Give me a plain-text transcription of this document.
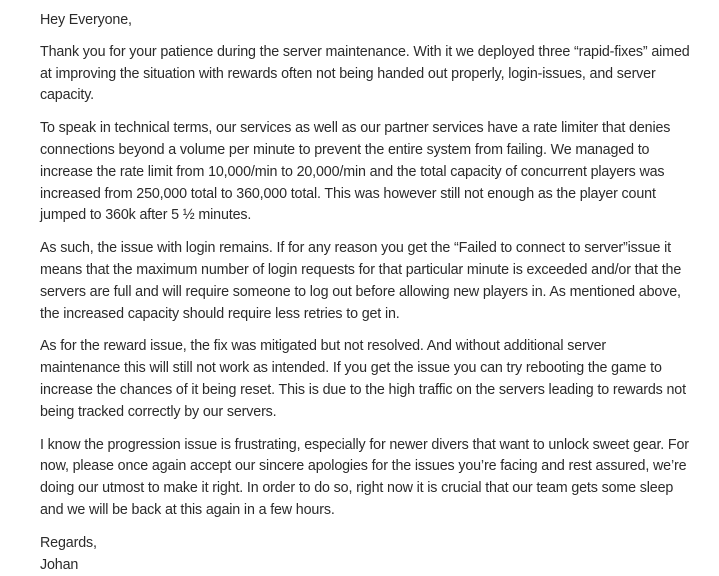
Hey Everyone,

Thank you for your patience during the server maintenance. With it we deployed three “rapid-fixes” aimed at improving the situation with rewards often not being handed out properly, login-issues, and server capacity.

To speak in technical terms, our services as well as our partner services have a rate limiter that denies connections beyond a volume per minute to prevent the entire system from failing. We managed to increase the rate limit from 10,000/min to 20,000/min and the total capacity of concurrent players was increased from 250,000 total to 360,000 total. This was however still not enough as the player count jumped to 360k after 5 ½ minutes.

As such, the issue with login remains. If for any reason you get the “Failed to connect to server”issue it means that the maximum number of login requests for that particular minute is exceeded and/or that the servers are full and will require someone to log out before allowing new players in. As mentioned above, the increased capacity should require less retries to get in.

As for the reward issue, the fix was mitigated but not resolved. And without additional server maintenance this will still not work as intended. If you get the issue you can try rebooting the game to increase the chances of it being reset. This is due to the high traffic on the servers leading to rewards not being tracked correctly by our servers.

I know the progression issue is frustrating, especially for newer divers that want to unlock sweet gear. For now, please once again accept our sincere apologies for the issues you’re facing and rest assured, we’re doing our utmost to make it right. In order to do so, right now it is crucial that our team gets some sleep and we will be back at this again in a few hours.

Regards,

Johan
